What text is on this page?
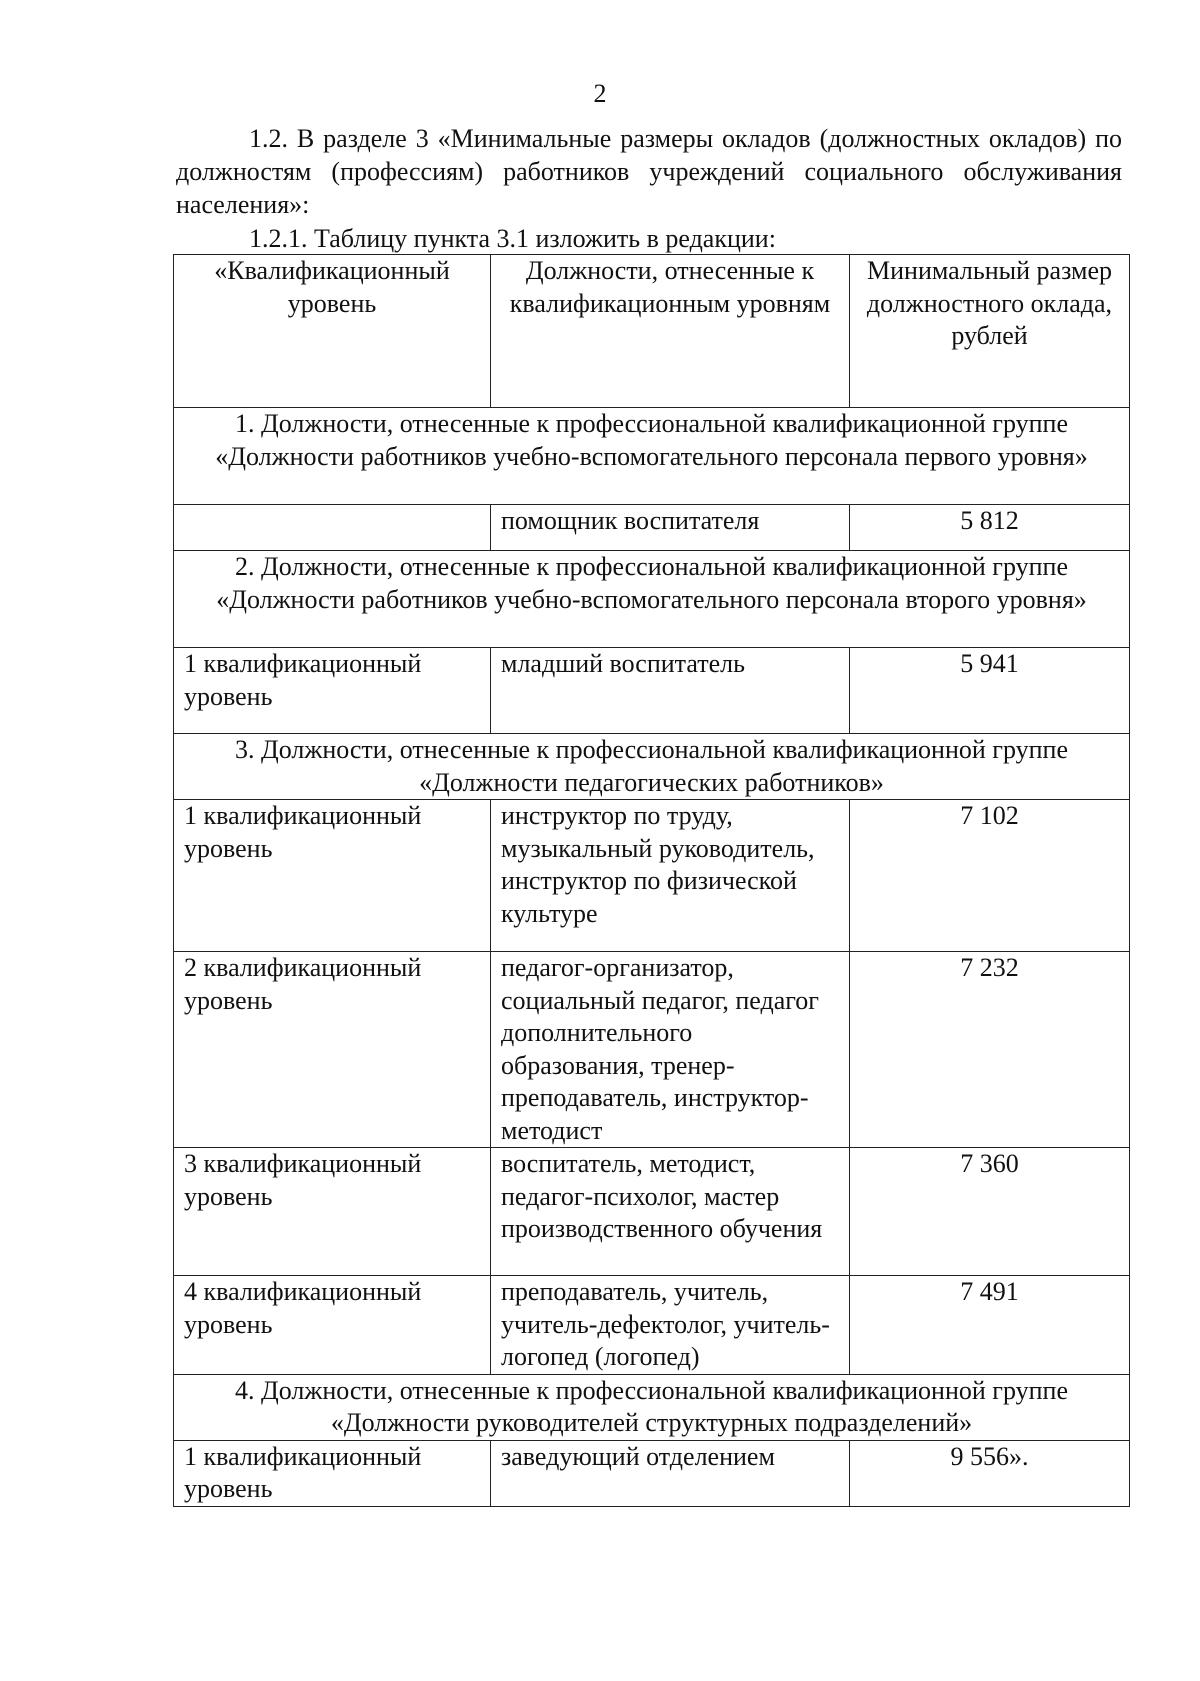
2

1.2. В разделе 3 «Минимальные размеры окладов (должностных окладов) по должностям (профессиям) работников учреждений социального обслуживания населения»:

1.2.1. Таблицу пункта 3.1 изложить в редакции:

«Квалификационный уровень	Должности, отнесенные к квалификационным уровням	Минимальный размер должностного оклада, рублей
1. Должности, отнесенные к профессиональной квалификационной группе «Должности работников учебно-вспомогательного персонала первого уровня»		
	помощник воспитателя	5 812
2. Должности, отнесенные к профессиональной квалификационной группе «Должности работников учебно-вспомогательного персонала второго уровня»		
1 квалификационный уровень	младший воспитатель	5 941
3. Должности, отнесенные к профессиональной квалификационной группе «Должности педагогических работников»		
1 квалификационный уровень	инструктор по труду, музыкальный руководитель, инструктор по физической культуре	7 102
2 квалификационный уровень	педагог-организатор, социальный педагог, педагог дополнительного образования, тренер-преподаватель, инструктор-методист	7 232
3 квалификационный уровень	воспитатель, методист, педагог-психолог, мастер производственного обучения	7 360
4 квалификационный уровень	преподаватель, учитель, учитель-дефектолог, учитель-логопед (логопед)	7 491
4. Должности, отнесенные к профессиональной квалификационной группе «Должности руководителей структурных подразделений»		
1 квалификационный уровень	заведующий отделением	9 556».
